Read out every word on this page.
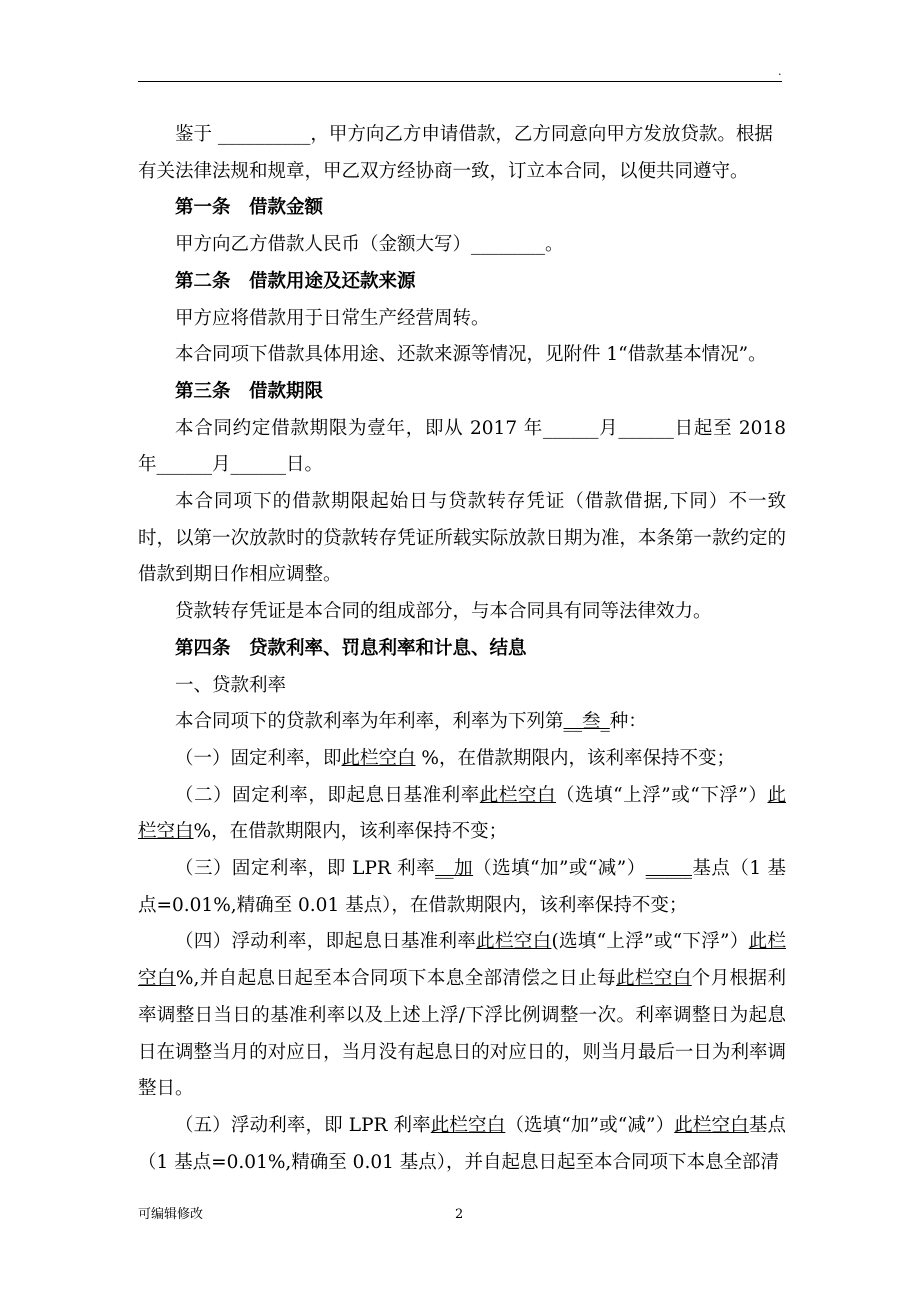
.

鉴于 __________，甲方向乙方申请借款，乙方同意向甲方发放贷款。根据

有关法律法规和规章，甲乙双方经协商一致，订立本合同，以便共同遵守。

第一条 借款金额

甲方向乙方借款人民币（金额大写）________。

第二条 借款用途及还款来源

甲方应将借款用于日常生产经营周转。

本合同项下借款具体用途、还款来源等情况，见附件 1“借款基本情况”。

第三条 借款期限

本合同约定借款期限为壹年，即从 2017 年______月______日起至 2018 年______月______日。

本合同项下的借款期限起始日与贷款转存凭证（借款借据,下同）不一致时，以第一次放款时的贷款转存凭证所载实际放款日期为准，本条第一款约定的借款到期日作相应调整。

贷款转存凭证是本合同的组成部分，与本合同具有同等法律效力。

第四条 贷款利率、罚息利率和计息、结息

一、贷款利率

本合同项下的贷款利率为年利率，利率为下列第__叁_种：

（一）固定利率，即此栏空白 %，在借款期限内，该利率保持不变；

（二）固定利率，即起息日基准利率此栏空白（选填“上浮”或“下浮”）此栏空白%，在借款期限内，该利率保持不变；

（三）固定利率，即 LPR 利率__加（选填“加”或“减”）_____基点（1 基点=0.01%,精确至 0.01 基点），在借款期限内，该利率保持不变；

（四）浮动利率，即起息日基准利率此栏空白(选填“上浮”或“下浮”）此栏空白%,并自起息日起至本合同项下本息全部清偿之日止每此栏空白个月根据利率调整日当日的基准利率以及上述上浮/下浮比例调整一次。利率调整日为起息日在调整当月的对应日，当月没有起息日的对应日的，则当月最后一日为利率调整日。

（五）浮动利率，即 LPR 利率此栏空白（选填“加”或“减”）此栏空白基点（1 基点=0.01%,精确至 0.01 基点），并自起息日起至本合同项下本息全部清

可编辑修改	2
